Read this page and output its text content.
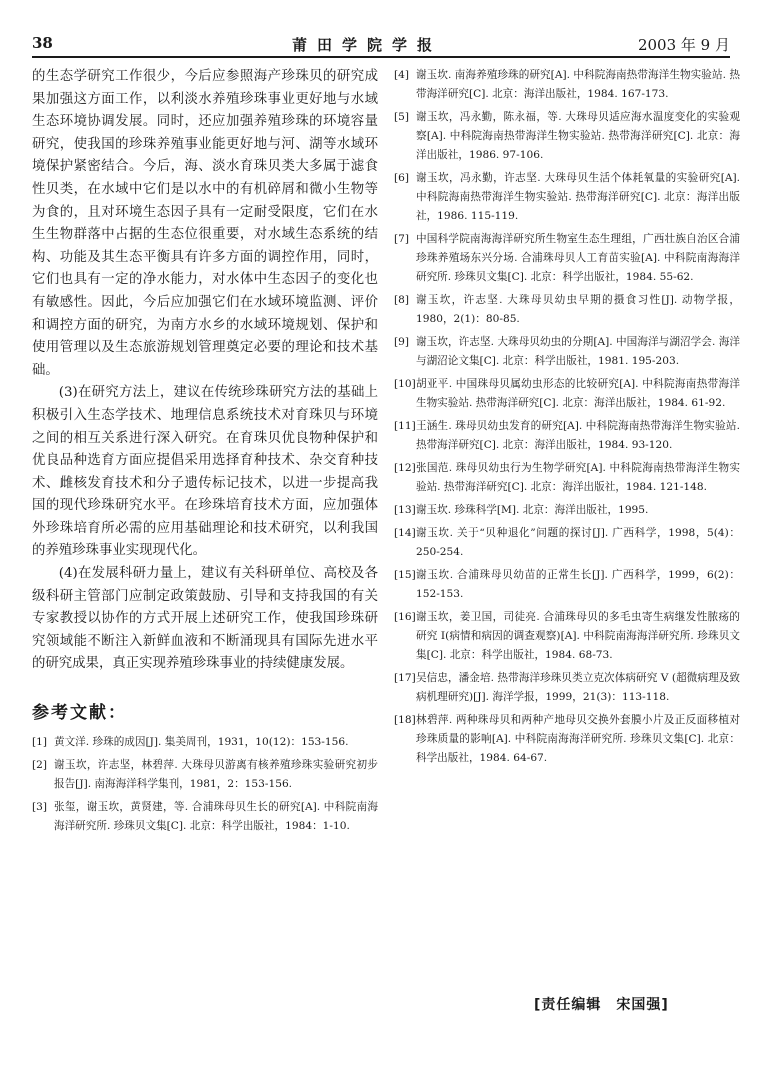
38	莆田学院学报	2003 年 9 月

的生态学研究工作很少，今后应参照海产珍珠贝的研究成果加强这方面工作，以利淡水养殖珍珠事业更好地与水域生态环境协调发展。同时，还应加强养殖珍珠的环境容量研究，使我国的珍珠养殖事业能更好地与河、湖等水域环境保护紧密结合。今后，海、淡水育珠贝类大多属于滤食性贝类，在水域中它们是以水中的有机碎屑和微小生物等为食的，且对环境生态因子具有一定耐受限度，它们在水生生物群落中占据的生态位很重要，对水域生态系统的结构、功能及其生态平衡具有许多方面的调控作用，同时，它们也具有一定的净水能力，对水体中生态因子的变化也有敏感性。因此，今后应加强它们在水域环境监测、评价和调控方面的研究，为南方水乡的水域环境规划、保护和使用管理以及生态旅游规划管理奠定必要的理论和技术基础。

(3)在研究方法上，建议在传统珍珠研究方法的基础上积极引入生态学技术、地理信息系统技术对育珠贝与环境之间的相互关系进行深入研究。在育珠贝优良物种保护和优良品种选育方面应提倡采用选择育种技术、杂交育种技术、雌核发育技术和分子遗传标记技术，以进一步提高我国的现代珍珠研究水平。在珍珠培育技术方面，应加强体外珍珠培育所必需的应用基础理论和技术研究，以利我国的养殖珍珠事业实现现代化。

(4)在发展科研力量上，建议有关科研单位、高校及各级科研主管部门应制定政策鼓励、引导和支持我国的有关专家教授以协作的方式开展上述研究工作，使我国珍珠研究领域能不断注入新鲜血液和不断涌现具有国际先进水平的研究成果，真正实现养殖珍珠事业的持续健康发展。

参考文献：
[1] 黄文洋. 珍珠的成因[J]. 集美周刊，1931，10(12)：153-156.
[2] 谢玉坎，许志坚，林碧萍. 大珠母贝游离有核养殖珍珠实验研究初步报告[J]. 南海海洋科学集刊，1981，2：153-156.
[3] 张玺，谢玉坎，黄贤建，等. 合浦珠母贝生长的研究[A]. 中科院南海海洋研究所. 珍珠贝文集[C]. 北京：科学出版社，1984：1-10.
[4] 谢玉坎. 南海养殖珍珠的研究[A]. 中科院海南热带海洋生物实验站. 热带海洋研究[C]. 北京：海洋出版社，1984. 167-173.
[5] 谢玉坎，冯永勤，陈永福，等. 大珠母贝适应海水温度变化的实验观察[A]. 中科院海南热带海洋生物实验站. 热带海洋研究[C]. 北京：海洋出版社，1986. 97-106.
[6] 谢玉坎，冯永勤，许志坚. 大珠母贝生活个体耗氧量的实验研究[A]. 中科院海南热带海洋生物实验站. 热带海洋研究[C]. 北京：海洋出版社，1986. 115-119.
[7] 中国科学院南海海洋研究所生物室生态生理组，广西壮族自治区合浦珍珠养殖场东兴分场. 合浦珠母贝人工育苗实验[A]. 中科院南海海洋研究所. 珍珠贝文集[C]. 北京：科学出版社，1984. 55-62.
[8] 谢玉坎，许志坚. 大珠母贝幼虫早期的摄食习性[J]. 动物学报，1980，2(1)：80-85.
[9] 谢玉坎，许志坚. 大珠母贝幼虫的分期[A]. 中国海洋与湖沼学会. 海洋与湖沼论文集[C]. 北京：科学出版社，1981. 195-203.
[10] 胡亚平. 中国珠母贝属幼虫形态的比较研究[A]. 中科院海南热带海洋生物实验站. 热带海洋研究[C]. 北京：海洋出版社，1984. 61-92.
[11] 王涵生. 珠母贝幼虫发育的研究[A]. 中科院海南热带海洋生物实验站. 热带海洋研究[C]. 北京：海洋出版社，1984. 93-120.
[12] 张国范. 珠母贝幼虫行为生物学研究[A]. 中科院海南热带海洋生物实验站. 热带海洋研究[C]. 北京：海洋出版社，1984. 121-148.
[13] 谢玉坎. 珍珠科学[M]. 北京：海洋出版社，1995.
[14] 谢玉坎. 关于“贝种退化”问题的探讨[J]. 广西科学，1998，5(4)：250-254.
[15] 谢玉坎. 合浦珠母贝幼苗的正常生长[J]. 广西科学，1999，6(2)：152-153.
[16] 谢玉坎，姜卫国，司徒亮. 合浦珠母贝的多毛虫寄生病继发性脓疡的研究 I(病情和病因的调查观察)[A]. 中科院南海海洋研究所. 珍珠贝文集[C]. 北京：科学出版社，1984. 68-73.
[17] 吴信忠，潘金培. 热带海洋珍珠贝类立克次体病研究 V (超微病理及致病机理研究)[J]. 海洋学报，1999，21(3)：113-118.
[18] 林碧萍. 两种珠母贝和两种产地母贝交换外套膜小片及正反面移植对珍珠质量的影响[A]. 中科院南海海洋研究所. 珍珠贝文集[C]. 北京：科学出版社，1984. 64-67.
[责任编辑　宋国强]
